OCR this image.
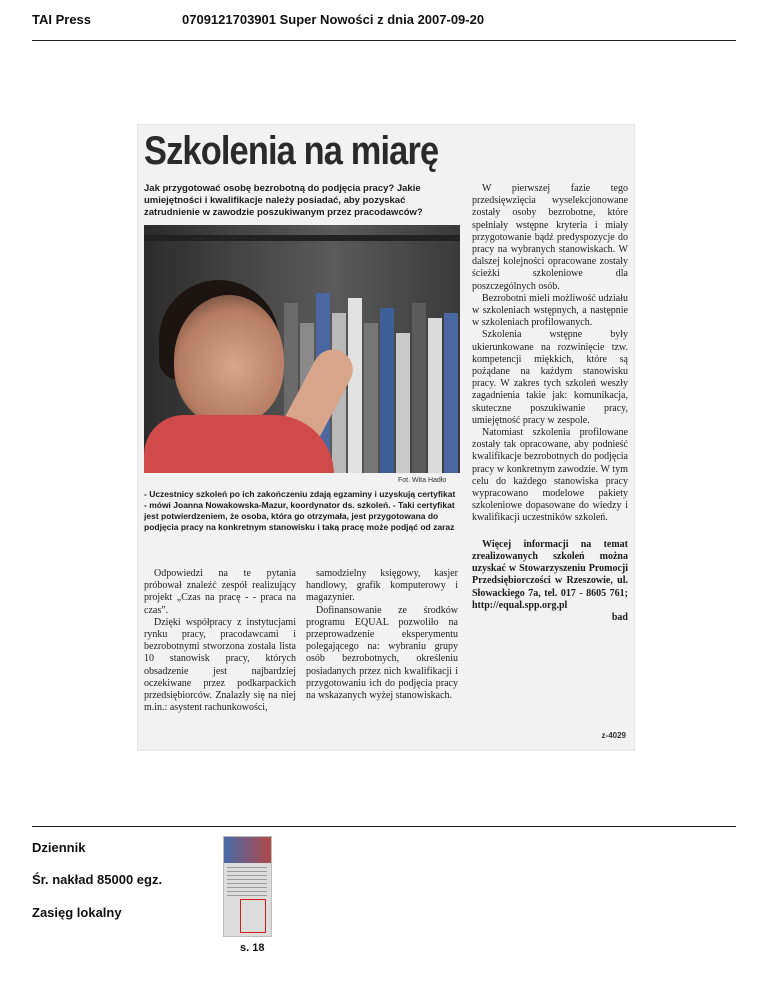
TAI Press	0709121703901 Super Nowości z dnia 2007-09-20
Szkolenia na miarę
Jak przygotować osobę bezrobotną do podjęcia pracy? Jakie umiejętności i kwalifikacje należy posiadać, aby pozyskać zatrudnienie w zawodzie poszukiwanym przez pracodawców?
Fot. Wita Hadło
- Uczestnicy szkoleń po ich zakończeniu zdają egzaminy i uzyskują certyfikat - mówi Joanna Nowakowska-Mazur, koordynator ds. szkoleń. - Taki certyfikat jest potwierdzeniem, że osoba, która go otrzymała, jest przygotowana do podjęcia pracy na konkretnym stanowisku i taką pracę może podjąć od zaraz

Odpowiedzi na te pytania próbował znaleźć zespół realizujący projekt „Czas na pracę - - praca na czas”.

Dzięki współpracy z instytucjami rynku pracy, pracodawcami i bezrobotnymi stworzona została lista 10 stanowisk pracy, których obsadzenie jest najbardziej oczekiwane przez podkarpackich przedsiębiorców. Znalazły się na niej m.in.: asystent rachunkowości,

samodzielny księgowy, kasjer handlowy, grafik komputerowy i magazynier.

Dofinansowanie ze środków programu EQUAL pozwoliło na przeprowadzenie eksperymentu polegającego na: wybraniu grupy osób bezrobotnych, określeniu posiadanych przez nich kwalifikacji i przygotowaniu ich do podjęcia pracy na wskazanych wyżej stanowiskach.

W pierwszej fazie tego przedsięwzięcia wyselekcjonowane zostały osoby bezrobotne, które spełniały wstępne kryteria i miały przygotowanie bądź predyspozycje do pracy na wybranych stanowiskach. W dalszej kolejności opracowane zostały ścieżki szkoleniowe dla poszczególnych osób.

Bezrobotni mieli możliwość udziału w szkoleniach wstępnych, a następnie w szkoleniach profilowanych.

Szkolenia wstępne były ukierunkowane na rozwinięcie tzw. kompetencji miękkich, które są pożądane na każdym stanowisku pracy. W zakres tych szkoleń weszły zagadnienia takie jak: komunikacja, skuteczne poszukiwanie pracy, umiejętność pracy w zespole.

Natomiast szkolenia profilowane zostały tak opracowane, aby podnieść kwalifikacje bezrobotnych do podjęcia pracy w konkretnym zawodzie. W tym celu do każdego stanowiska pracy wypracowano modelowe pakiety szkoleniowe dopasowane do wiedzy i kwalifikacji uczestników szkoleń.

Więcej informacji na temat zrealizowanych szkoleń można uzyskać w Stowarzyszeniu Promocji Przedsiębiorczości w Rzeszowie, ul. Słowackiego 7a, tel. 017 - 8605 761; http://equal.spp.org.pl

bad

z-4029
Dziennik
Śr. nakład 85000 egz.
Zasięg lokalny
s. 18
